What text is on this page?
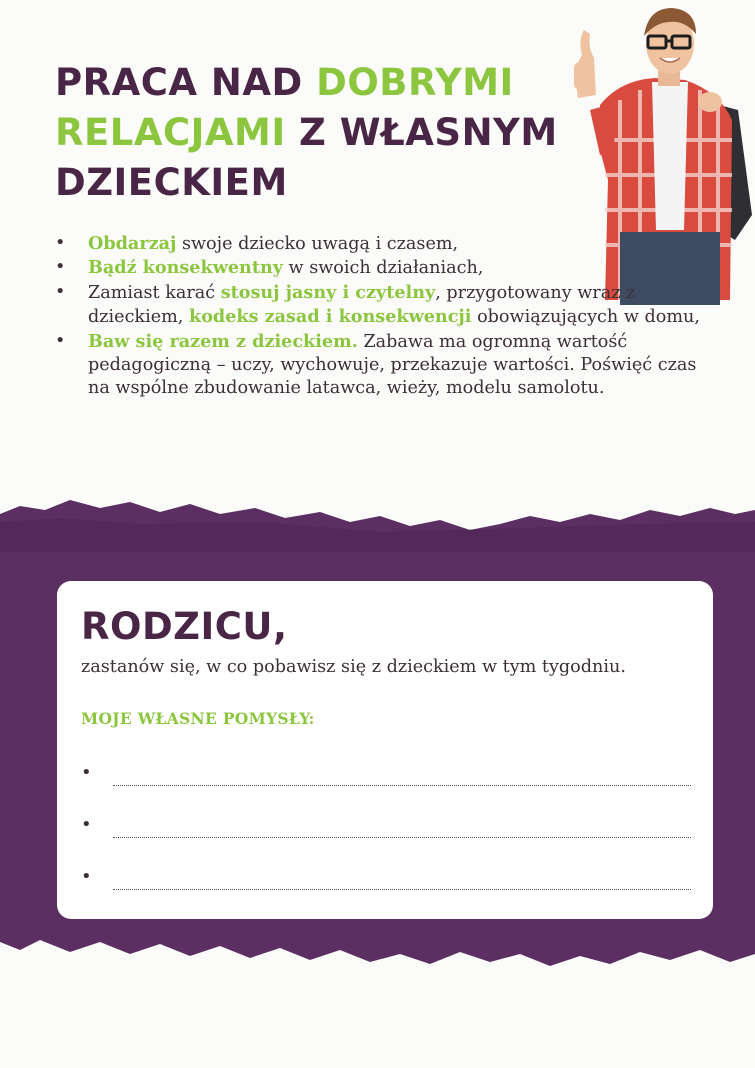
PRACA NAD DOBRYMI
RELACJAMI Z WŁASNYM
DZIECKIEM
• Obdarzaj swoje dziecko uwagą i czasem,
• Bądź konsekwentny w swoich działaniach,
• Zamiast karać stosuj jasny i czytelny, przygotowany wraz z dzieckiem, kodeks zasad i konsekwencji obowiązujących w domu,
• Baw się razem z dzieckiem. Zabawa ma ogromną wartość pedagogiczną – uczy, wychowuje, przekazuje wartości. Poświęć czas na wspólne zbudowanie latawca, wieży, modelu samolotu.
RODZICU,
zastanów się, w co pobawisz się z dzieckiem w tym tygodniu.
MOJE WŁASNE POMYSŁY:
•
•
•
